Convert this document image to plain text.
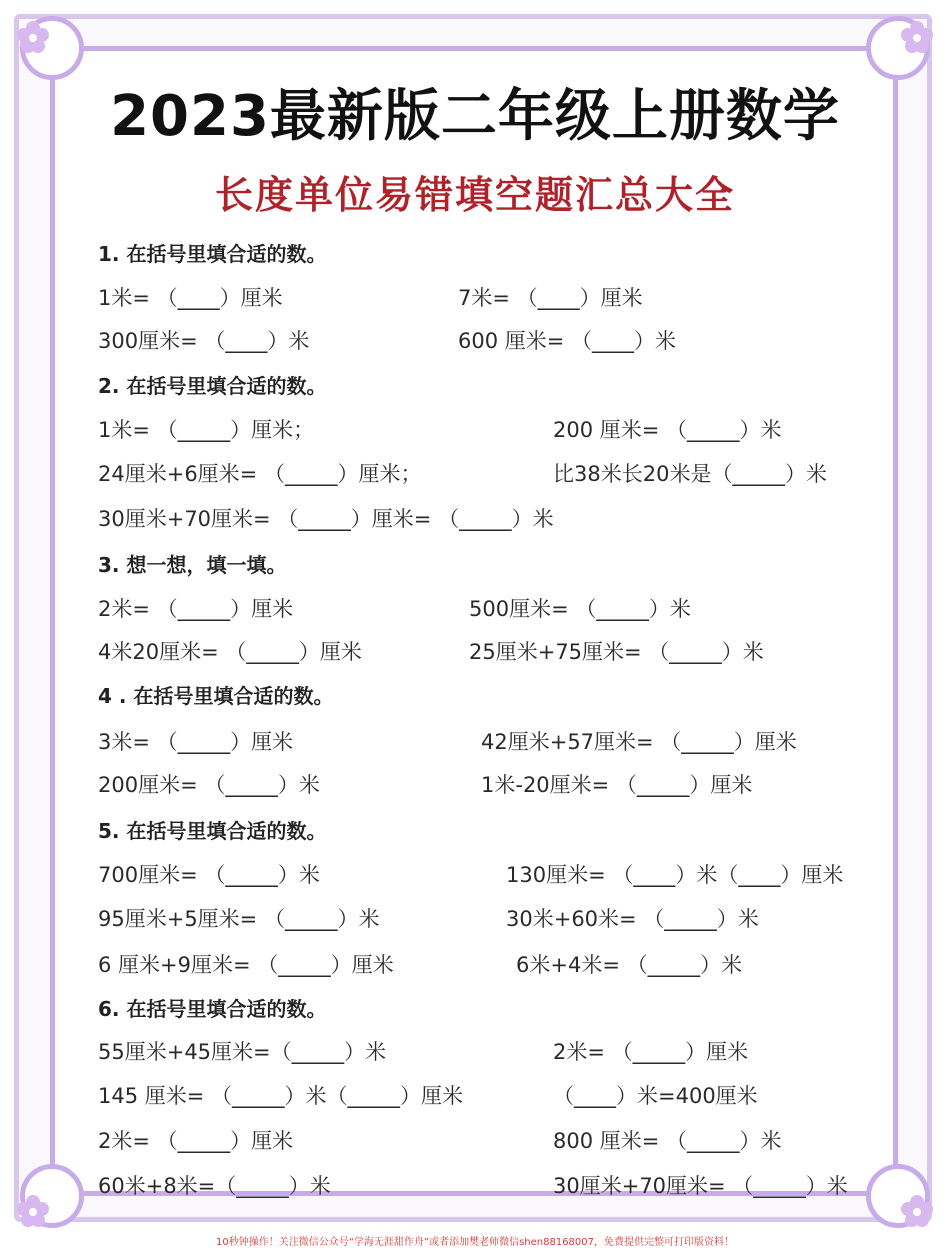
2023最新版二年级上册数学
长度单位易错填空题汇总大全
1. 在括号里填合适的数。
1米= （____）厘米	7米= （____）厘米
300厘米= （____）米	600 厘米= （____）米
2. 在括号里填合适的数。
1米= （_____）厘米；	200 厘米= （_____）米
24厘米+6厘米= （_____）厘米；	比38米长20米是（_____）米
30厘米+70厘米= （_____）厘米= （_____）米
3. 想一想，填一填。
2米= （_____）厘米	500厘米= （_____）米
4米20厘米= （_____）厘米	25厘米+75厘米= （_____）米
4 . 在括号里填合适的数。
3米= （_____）厘米	42厘米+57厘米= （_____）厘米
200厘米= （_____）米	1米-20厘米= （_____）厘米
5. 在括号里填合适的数。
700厘米= （_____）米	130厘米= （____）米（____）厘米
95厘米+5厘米= （_____）米	30米+60米= （_____）米
6 厘米+9厘米= （_____）厘米	6米+4米= （_____）米
6. 在括号里填合适的数。
55厘米+45厘米=（_____）米	2米= （_____）厘米
145 厘米= （_____）米（_____）厘米	（____）米=400厘米
2米= （_____）厘米	800 厘米= （_____）米
60米+8米=（_____）米	30厘米+70厘米= （_____）米
10秒钟操作！关注微信公众号“学海无涯甜作舟”或者添加樊老师微信shen88168007，免费提供完整可打印版资料！
